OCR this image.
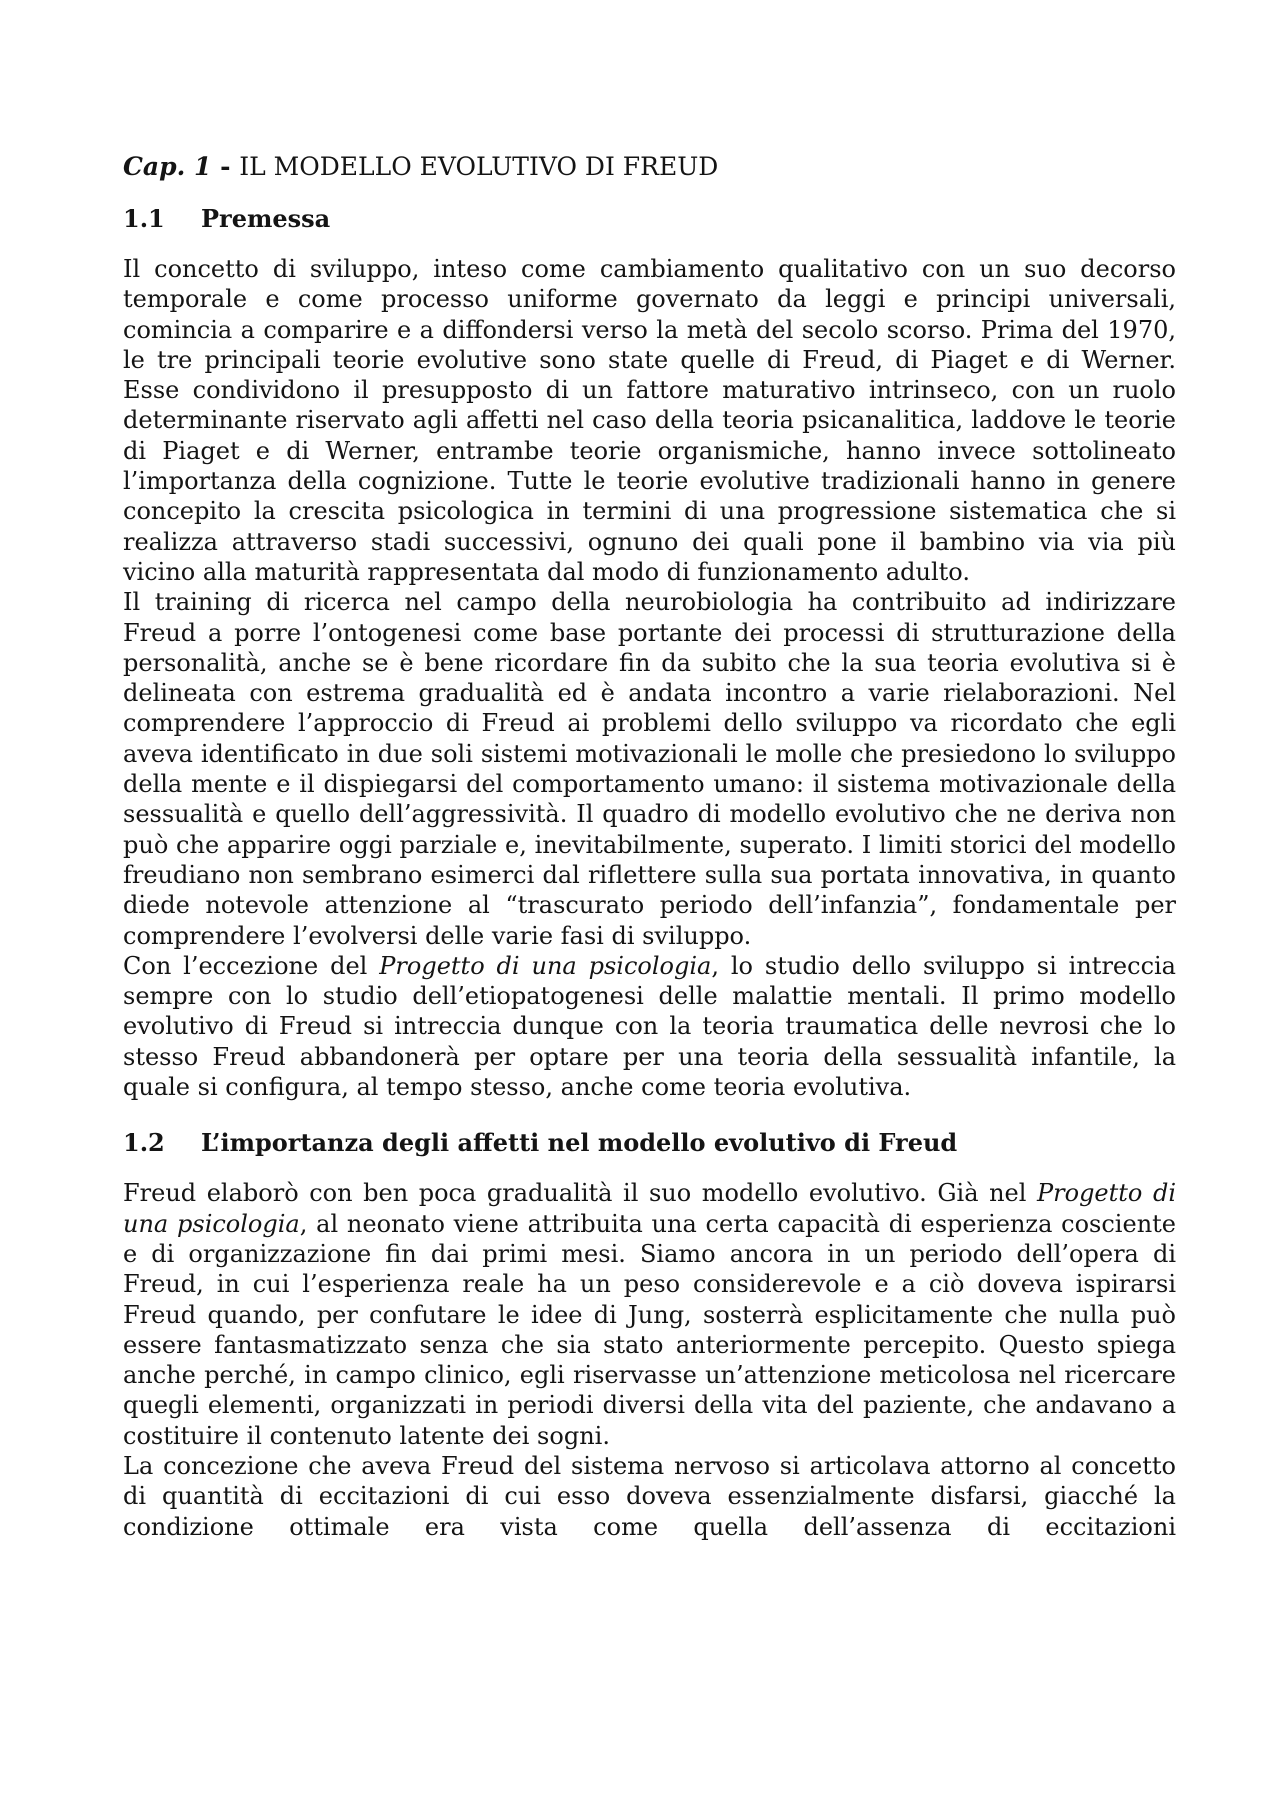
Cap. 1 - IL MODELLO EVOLUTIVO DI FREUD
1.1	Premessa

Il concetto di sviluppo, inteso come cambiamento qualitativo con un suo decorso temporale e come processo uniforme governato da leggi e principi universali, comincia a comparire e a diffondersi verso la metà del secolo scorso. Prima del 1970, le tre principali teorie evolutive sono state quelle di Freud, di Piaget e di Werner. Esse condividono il presupposto di un fattore maturativo intrinseco, con un ruolo determinante riservato agli affetti nel caso della teoria psicanalitica, laddove le teorie di Piaget e di Werner, entrambe teorie organismiche, hanno invece sottolineato l’importanza della cognizione. Tutte le teorie evolutive tradizionali hanno in genere concepito la crescita psicologica in termini di una progressione sistematica che si realizza attraverso stadi successivi, ognuno dei quali pone il bambino via via più vicino alla maturità rappresentata dal modo di funzionamento adulto.

Il training di ricerca nel campo della neurobiologia ha contribuito ad indirizzare Freud a porre l’ontogenesi come base portante dei processi di strutturazione della personalità, anche se è bene ricordare fin da subito che la sua teoria evolutiva si è delineata con estrema gradualità ed è andata incontro a varie rielaborazioni. Nel comprendere l’approccio di Freud ai problemi dello sviluppo va ricordato che egli aveva identificato in due soli sistemi motivazionali le molle che presiedono lo sviluppo della mente e il dispiegarsi del comportamento umano: il sistema motivazionale della sessualità e quello dell’aggressività. Il quadro di modello evolutivo che ne deriva non può che apparire oggi parziale e, inevitabilmente, superato. I limiti storici del modello freudiano non sembrano esimerci dal riflettere sulla sua portata innovativa, in quanto diede notevole attenzione al “trascurato periodo dell’infanzia”, fondamentale per comprendere l’evolversi delle varie fasi di sviluppo.

Con l’eccezione del Progetto di una psicologia, lo studio dello sviluppo si intreccia sempre con lo studio dell’etiopatogenesi delle malattie mentali. Il primo modello evolutivo di Freud si intreccia dunque con la teoria traumatica delle nevrosi che lo stesso Freud abbandonerà per optare per una teoria della sessualità infantile, la quale si configura, al tempo stesso, anche come teoria evolutiva.

1.2	L’importanza degli affetti nel modello evolutivo di Freud

Freud elaborò con ben poca gradualità il suo modello evolutivo. Già nel Progetto di una psicologia, al neonato viene attribuita una certa capacità di esperienza cosciente e di organizzazione fin dai primi mesi. Siamo ancora in un periodo dell’opera di Freud, in cui l’esperienza reale ha un peso considerevole e a ciò doveva ispirarsi Freud quando, per confutare le idee di Jung, sosterrà esplicitamente che nulla può essere fantasmatizzato senza che sia stato anteriormente percepito. Questo spiega anche perché, in campo clinico, egli riservasse un’attenzione meticolosa nel ricercare quegli elementi, organizzati in periodi diversi della vita del paziente, che andavano a costituire il contenuto latente dei sogni.

La concezione che aveva Freud del sistema nervoso si articolava attorno al concetto di quantità di eccitazioni di cui esso doveva essenzialmente disfarsi, giacché la condizione ottimale era vista come quella dell’assenza di eccitazioni
